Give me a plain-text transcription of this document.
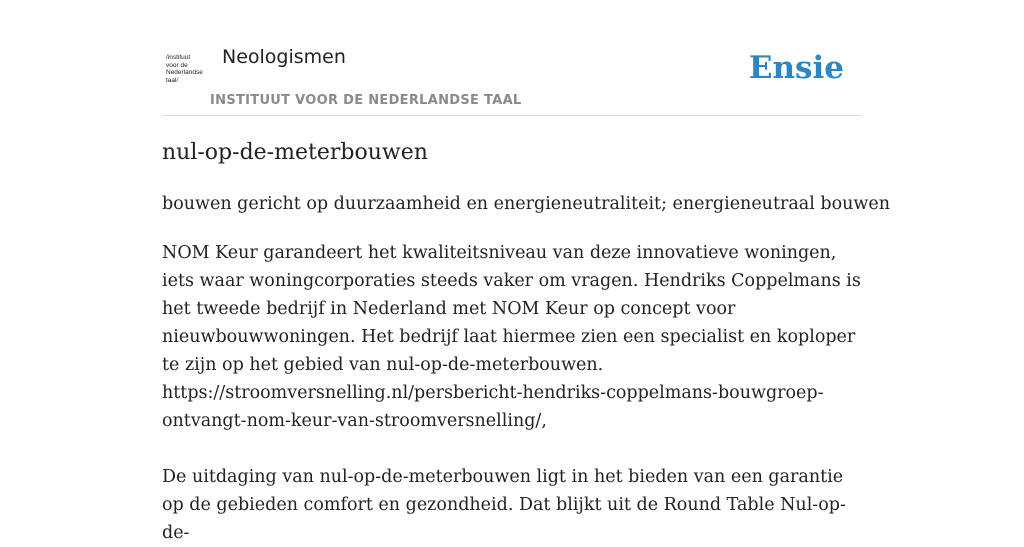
/instituut
voor de
Nederlandse
taal/
Neologismen
INSTITUUT VOOR DE NEDERLANDSE TAAL
Ensie
nul-op-de-meterbouwen

bouwen gericht op duurzaamheid en energieneutraliteit; energieneutraal bouwen

NOM Keur garandeert het kwaliteitsniveau van deze innovatieve woningen, iets waar woningcorporaties steeds vaker om vragen. Hendriks Coppelmans is het tweede bedrijf in Nederland met NOM Keur op concept voor nieuwbouwwoningen. Het bedrijf laat hiermee zien een specialist en koploper te zijn op het gebied van nul-op-de-meterbouwen.
https://stroomversnelling.nl/persbericht-hendriks-coppelmans-bouwgroep-ontvangt-nom-keur-van-stroomversnelling/,

De uitdaging van nul-op-de-meterbouwen ligt in het bieden van een garantie op de gebieden comfort en gezondheid. Dat blijkt uit de Round Table Nul-op-de-
